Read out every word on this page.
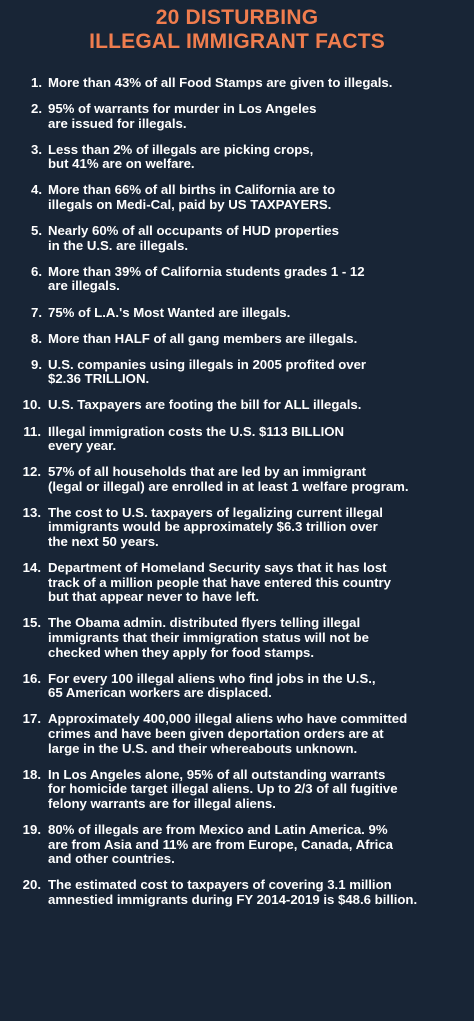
20 DISTURBING
ILLEGAL IMMIGRANT FACTS
1. More than 43% of all Food Stamps are given to illegals.
2. 95% of warrants for murder in Los Angeles
are issued for illegals.
3. Less than 2% of illegals are picking crops,
but 41% are on welfare.
4. More than 66% of all births in California are to
illegals on Medi-Cal, paid by US TAXPAYERS.
5. Nearly 60% of all occupants of HUD properties
in the U.S. are illegals.
6. More than 39% of California students grades 1 - 12
are illegals.
7. 75% of L.A.'s Most Wanted are illegals.
8. More than HALF of all gang members are illegals.
9. U.S. companies using illegals in 2005 profited over
$2.36 TRILLION.
10. U.S. Taxpayers are footing the bill for ALL illegals.
11. Illegal immigration costs the U.S. $113 BILLION
every year.
12. 57% of all households that are led by an immigrant
(legal or illegal) are enrolled in at least 1 welfare program.
13. The cost to U.S. taxpayers of legalizing current illegal
immigrants would be approximately $6.3 trillion over
the next 50 years.
14. Department of Homeland Security says that it has lost
track of a million people that have entered this country
but that appear never to have left.
15. The Obama admin. distributed flyers telling illegal
immigrants that their immigration status will not be
checked when they apply for food stamps.
16. For every 100 illegal aliens who find jobs in the U.S.,
65 American workers are displaced.
17. Approximately 400,000 illegal aliens who have committed
crimes and have been given deportation orders are at
large in the U.S. and their whereabouts unknown.
18. In Los Angeles alone, 95% of all outstanding warrants
for homicide target illegal aliens. Up to 2/3 of all fugitive
felony warrants are for illegal aliens.
19. 80% of illegals are from Mexico and Latin America. 9%
are from Asia and 11% are from Europe, Canada, Africa
and other countries.
20. The estimated cost to taxpayers of covering 3.1 million
amnestied immigrants during FY 2014-2019 is $48.6 billion.
